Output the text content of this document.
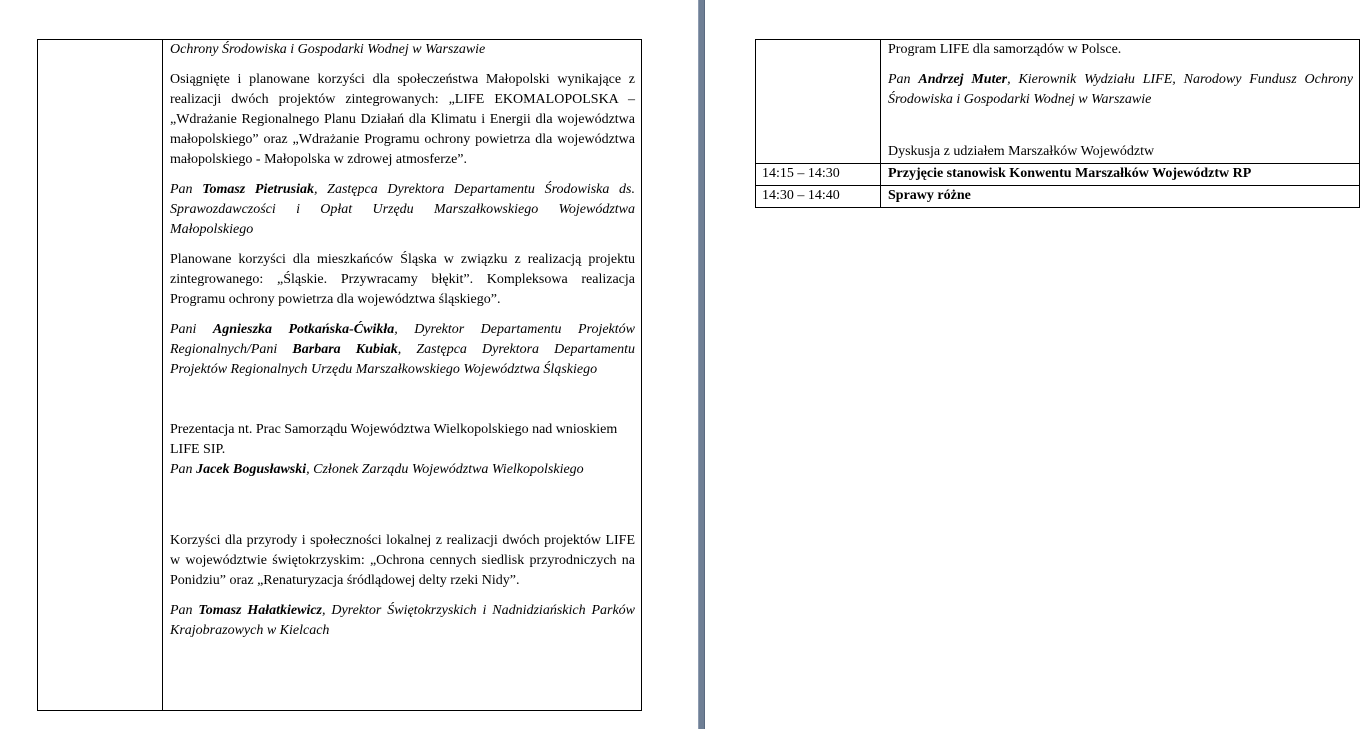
Ochrony Środowiska i Gospodarki Wodnej w Warszawie

Osiągnięte i planowane korzyści dla społeczeństwa Małopolski wynikające z realizacji dwóch projektów zintegrowanych: „LIFE EKOMALOPOLSKA – „Wdrażanie Regionalnego Planu Działań dla Klimatu i Energii dla województwa małopolskiego” oraz „Wdrażanie Programu ochrony powietrza dla województwa małopolskiego - Małopolska w zdrowej atmosferze”.

Pan Tomasz Pietrusiak, Zastępca Dyrektora Departamentu Środowiska ds. Sprawozdawczości i Opłat Urzędu Marszałkowskiego Województwa Małopolskiego

Planowane korzyści dla mieszkańców Śląska w związku z realizacją projektu zintegrowanego: „Śląskie. Przywracamy błękit”. Kompleksowa realizacja Programu ochrony powietrza dla województwa śląskiego”.

Pani Agnieszka Potkańska-Ćwikła, Dyrektor Departamentu Projektów Regionalnych/Pani Barbara Kubiak, Zastępca Dyrektora Departamentu Projektów Regionalnych Urzędu Marszałkowskiego Województwa Śląskiego

Prezentacja nt. Prac Samorządu Województwa Wielkopolskiego nad wnioskiem LIFE SIP.

Pan Jacek Bogusławski, Członek Zarządu Województwa Wielkopolskiego

Korzyści dla przyrody i społeczności lokalnej z realizacji dwóch projektów LIFE w województwie świętokrzyskim: „Ochrona cennych siedlisk przyrodniczych na Ponidziu” oraz „Renaturyzacja śródlądowej delty rzeki Nidy”.

Pan Tomasz Hałatkiewicz, Dyrektor Świętokrzyskich i Nadnidziańskich Parków Krajobrazowych w Kielcach

	Program LIFE dla samorządów w Polsce.

Pan Andrzej Muter, Kierownik Wydziału LIFE, Narodowy Fundusz Ochrony Środowiska i Gospodarki Wodnej w Warszawie

Dyskusja z udziałem Marszałków Województw

14:15 – 14:30	Przyjęcie stanowisk Konwentu Marszałków Województw RP
14:30 – 14:40	Sprawy różne
